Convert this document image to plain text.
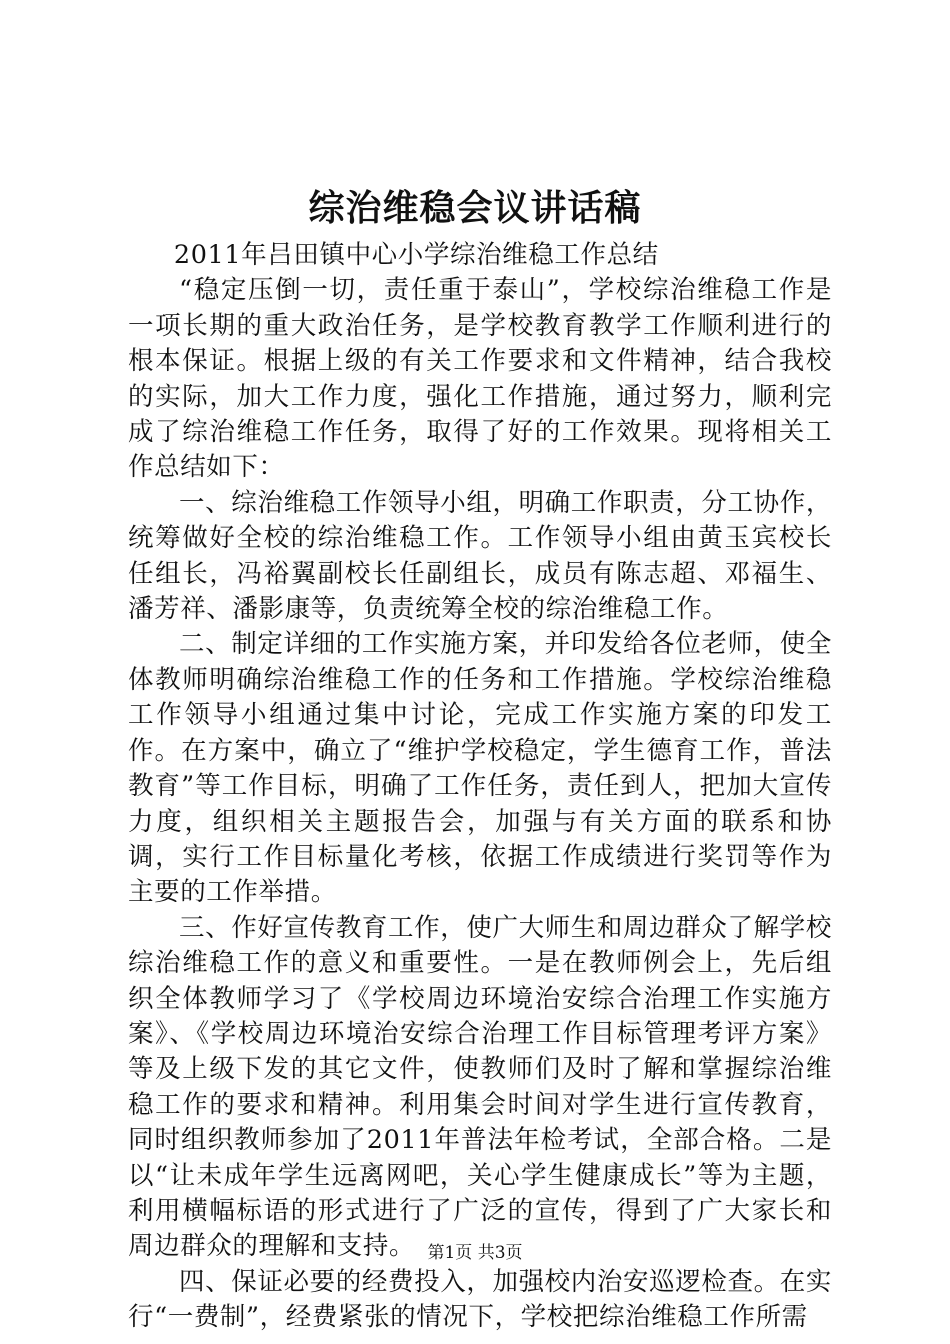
综治维稳会议讲话稿

2011年吕田镇中心小学综治维稳工作总结

“稳定压倒一切，责任重于泰山”，学校综治维稳工作是一项长期的重大政治任务，是学校教育教学工作顺利进行的根本保证。根据上级的有关工作要求和文件精神，结合我校的实际，加大工作力度，强化工作措施，通过努力，顺利完成了综治维稳工作任务，取得了好的工作效果。现将相关工作总结如下：

一、综治维稳工作领导小组，明确工作职责，分工协作，统筹做好全校的综治维稳工作。工作领导小组由黄玉宾校长任组长，冯裕翼副校长任副组长，成员有陈志超、邓福生、潘芳祥、潘影康等，负责统筹全校的综治维稳工作。

二、制定详细的工作实施方案，并印发给各位老师，使全体教师明确综治维稳工作的任务和工作措施。学校综治维稳工作领导小组通过集中讨论，完成工作实施方案的印发工作。在方案中，确立了“维护学校稳定，学生德育工作，普法教育”等工作目标，明确了工作任务，责任到人，把加大宣传力度，组织相关主题报告会，加强与有关方面的联系和协调，实行工作目标量化考核，依据工作成绩进行奖罚等作为主要的工作举措。

三、作好宣传教育工作，使广大师生和周边群众了解学校综治维稳工作的意义和重要性。一是在教师例会上，先后组织全体教师学习了《学校周边环境治安综合治理工作实施方案》、《学校周边环境治安综合治理工作目标管理考评方案》等及上级下发的其它文件，使教师们及时了解和掌握综治维稳工作的要求和精神。利用集会时间对学生进行宣传教育，同时组织教师参加了2011年普法年检考试，全部合格。二是以“让未成年学生远离网吧，关心学生健康成长”等为主题，利用横幅标语的形式进行了广泛的宣传，得到了广大家长和周边群众的理解和支持。

四、保证必要的经费投入，加强校内治安巡逻检查。在实行“一费制”，经费紧张的情况下，学校把综治维稳工作所需

第1页 共3页
